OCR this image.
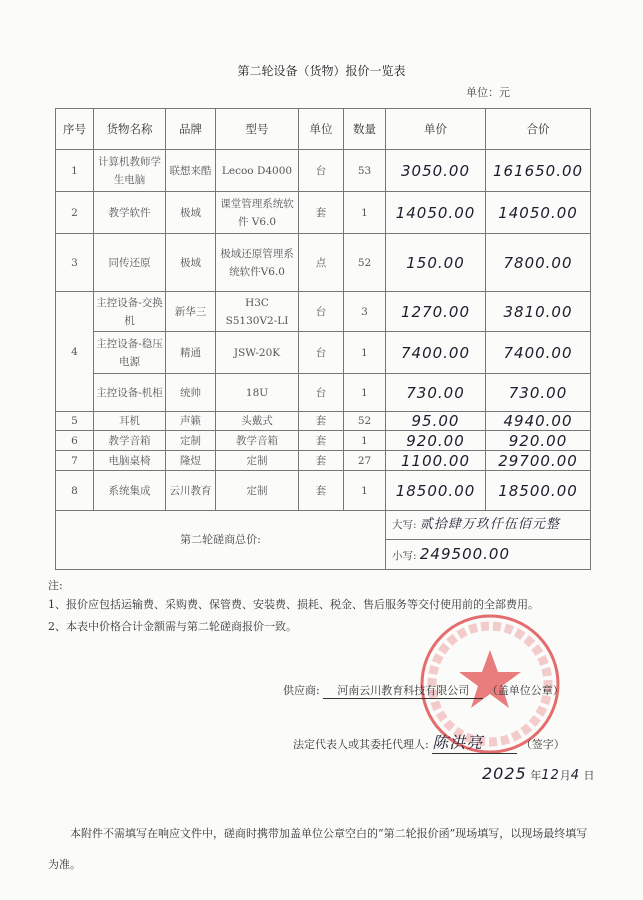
第二轮设备（货物）报价一览表
单位：元
序号	货物名称	品牌	型号	单位	数量	单价	合价
1	计算机教师学生电脑	联想来酷	Lecoo D4000	台	53	3050.00	161650.00
2	教学软件	极域	课堂管理系统软件 V6.0	套	1	14050.00	14050.00
3	同传还原	极域	极域还原管理系统软件V6.0	点	52	150.00	7800.00
4	主控设备-交换机	新华三	H3C S5130V2-LI	台	3	1270.00	3810.00
	主控设备-稳压电源	精通	JSW-20K	台	1	7400.00	7400.00
	主控设备-机柜	统帅	18U	台	1	730.00	730.00
5	耳机	声籁	头戴式	套	52	95.00	4940.00
6	教学音箱	定制	教学音箱	套	1	920.00	920.00
7	电脑桌椅	隆煜	定制	套	27	1100.00	29700.00
8	系统集成	云川教育	定制	套	1	18500.00	18500.00
第二轮磋商总价:						大写: 贰拾肆万玖仟伍佰元整	
						小写: 249500.00	
注:
1、报价应包括运输费、采购费、保管费、安装费、损耗、税金、售后服务等交付使用前的全部费用。
2、本表中价格合计金额需与第二轮磋商报价一致。
供应商: 河南云川教育科技有限公司 （盖单位公章）
法定代表人或其委托代理人: 陈洪亮	（签字）
2025 年12月4 日
本附件不需填写在响应文件中，磋商时携带加盖单位公章空白的“第二轮报价函”现场填写，以现场最终填写为准。
